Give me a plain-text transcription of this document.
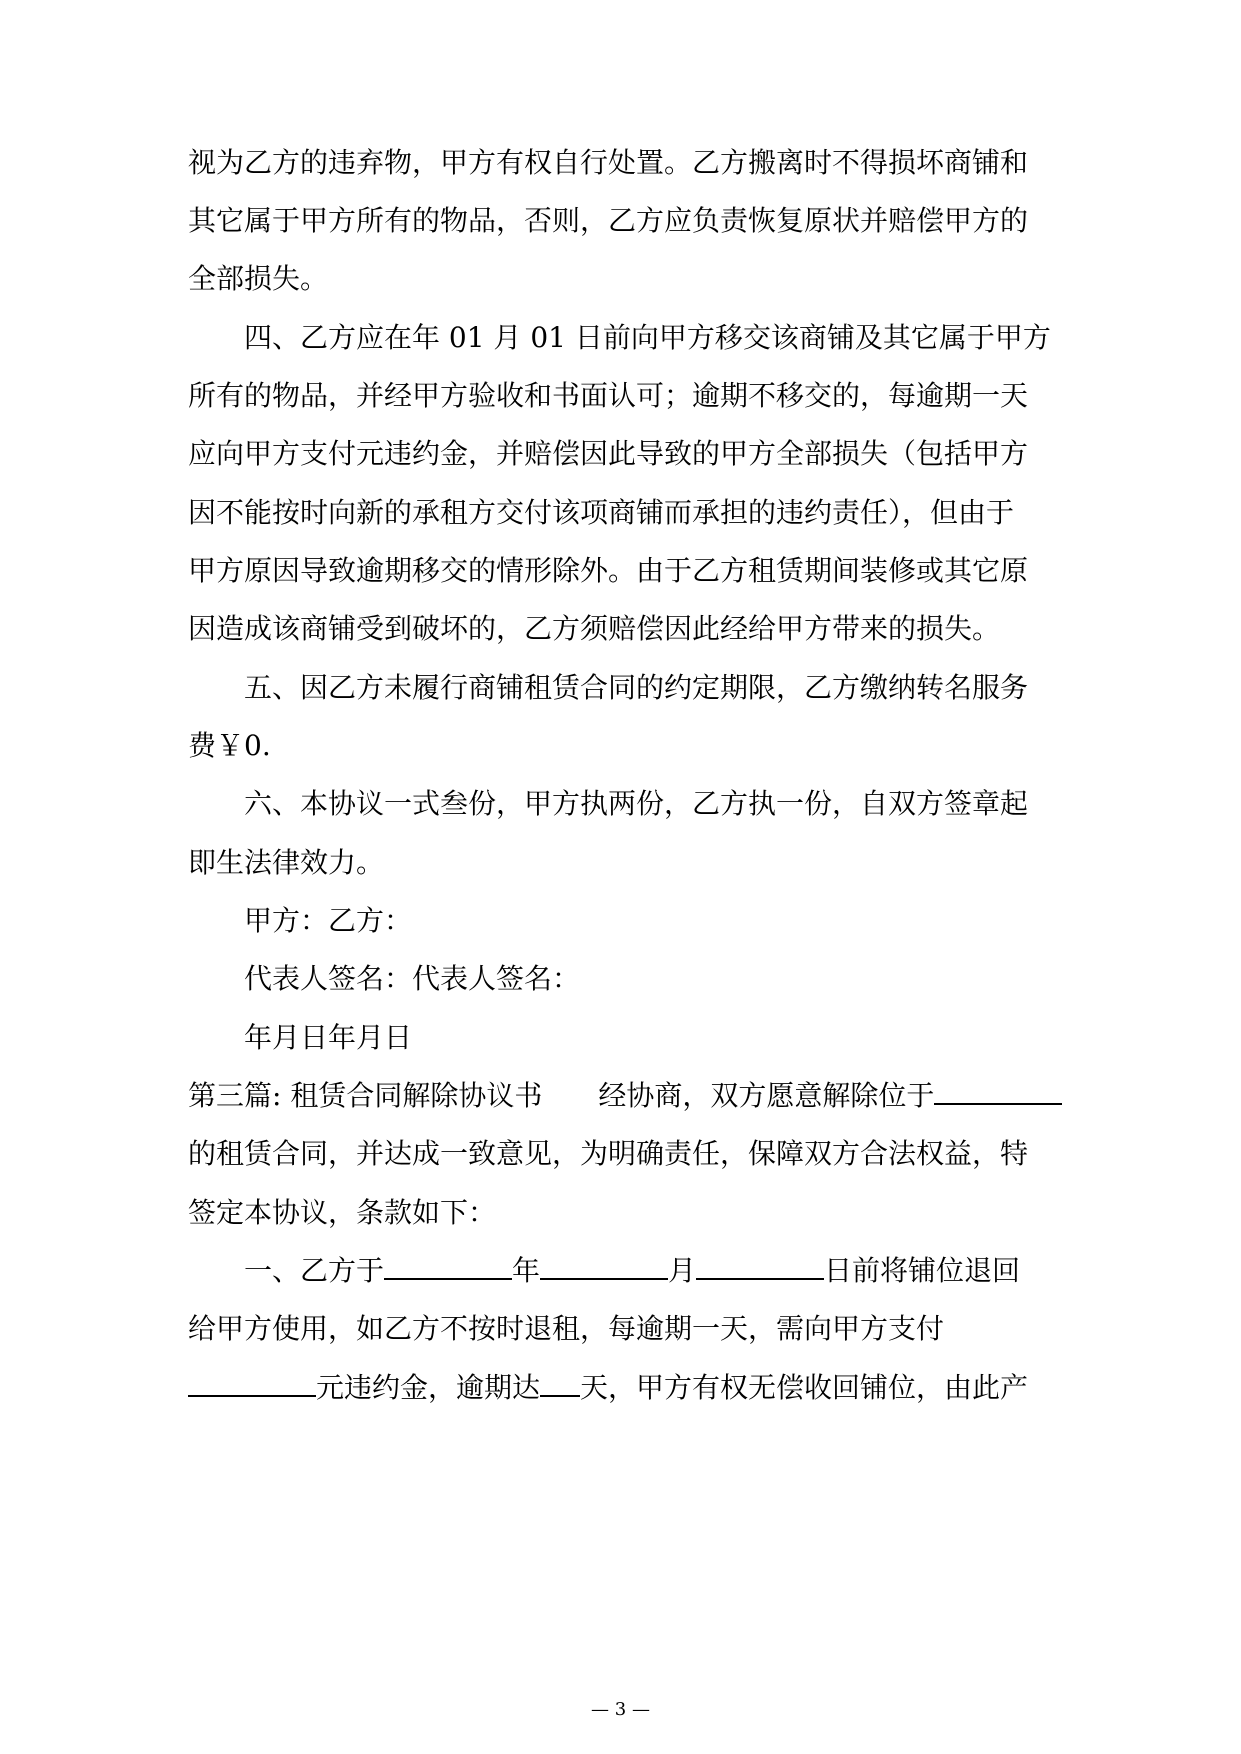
视为乙方的违弃物，甲方有权自行处置。乙方搬离时不得损坏商铺和
其它属于甲方所有的物品，否则，乙方应负责恢复原状并赔偿甲方的
全部损失。
四、乙方应在年 01 月 01 日前向甲方移交该商铺及其它属于甲方
所有的物品，并经甲方验收和书面认可；逾期不移交的，每逾期一天
应向甲方支付元违约金，并赔偿因此导致的甲方全部损失（包括甲方
因不能按时向新的承租方交付该项商铺而承担的违约责任），但由于
甲方原因导致逾期移交的情形除外。由于乙方租赁期间装修或其它原
因造成该商铺受到破坏的，乙方须赔偿因此经给甲方带来的损失。
五、因乙方未履行商铺租赁合同的约定期限，乙方缴纳转名服务
费￥0.
六、本协议一式叁份，甲方执两份，乙方执一份，自双方签章起
即生法律效力。
甲方：乙方：
代表人签名：代表人签名：
年月日年月日
第三篇: 租赁合同解除协议书 经协商，双方愿意解除位于
的租赁合同，并达成一致意见，为明确责任，保障双方合法权益，特
签定本协议，条款如下：
一、乙方于	年	月	日前将铺位退回
给甲方使用，如乙方不按时退租，每逾期一天，需向甲方支付
元违约金，逾期达 天，甲方有权无偿收回铺位，由此产
— 3 —
